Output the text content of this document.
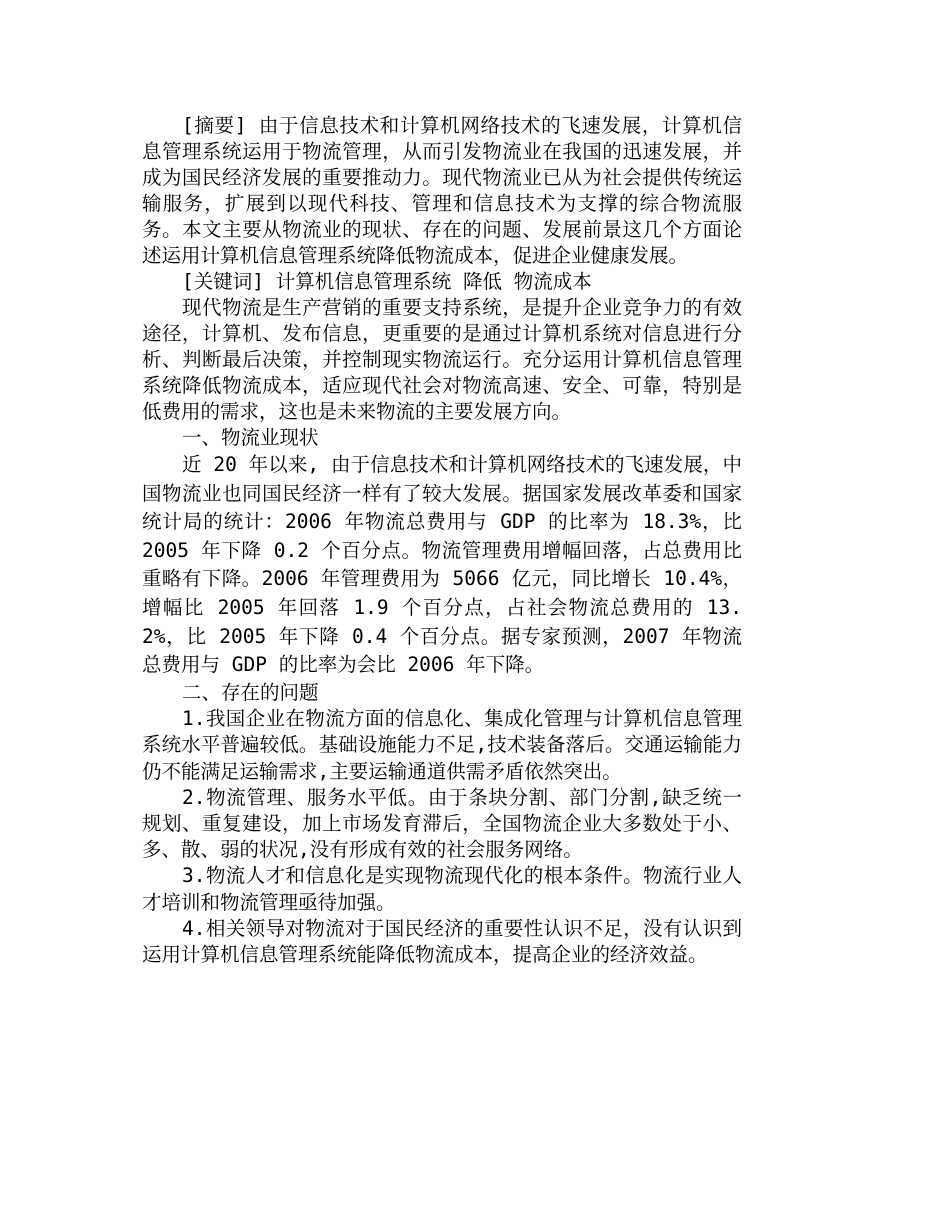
[摘要] 由于信息技术和计算机网络技术的飞速发展，计算机信息管理系统运用于物流管理，从而引发物流业在我国的迅速发展，并成为国民经济发展的重要推动力。现代物流业已从为社会提供传统运输服务，扩展到以现代科技、管理和信息技术为支撑的综合物流服务。本文主要从物流业的现状、存在的问题、发展前景这几个方面论述运用计算机信息管理系统降低物流成本，促进企业健康发展。

[关键词] 计算机信息管理系统 降低 物流成本

现代物流是生产营销的重要支持系统，是提升企业竞争力的有效途径，计算机、发布信息，更重要的是通过计算机系统对信息进行分析、判断最后决策，并控制现实物流运行。充分运用计算机信息管理系统降低物流成本，适应现代社会对物流高速、安全、可靠，特别是低费用的需求，这也是未来物流的主要发展方向。

一、物流业现状

近 20 年以来, 由于信息技术和计算机网络技术的飞速发展，中国物流业也同国民经济一样有了较大发展。据国家发展改革委和国家统计局的统计：2006 年物流总费用与 GDP 的比率为 18.3%，比 2005 年下降 0.2 个百分点。物流管理费用增幅回落，占总费用比重略有下降。2006 年管理费用为 5066 亿元，同比增长 10.4%，增幅比 2005 年回落 1.9 个百分点，占社会物流总费用的 13.2%，比 2005 年下降 0.4 个百分点。据专家预测，2007 年物流总费用与 GDP 的比率为会比 2006 年下降。

二、存在的问题

1.我国企业在物流方面的信息化、集成化管理与计算机信息管理系统水平普遍较低。基础设施能力不足,技术装备落后。交通运输能力仍不能满足运输需求,主要运输通道供需矛盾依然突出。

2.物流管理、服务水平低。由于条块分割、部门分割,缺乏统一规划、重复建设，加上市场发育滞后，全国物流企业大多数处于小、多、散、弱的状况,没有形成有效的社会服务网络。

3.物流人才和信息化是实现物流现代化的根本条件。物流行业人才培训和物流管理亟待加强。

4.相关领导对物流对于国民经济的重要性认识不足，没有认识到运用计算机信息管理系统能降低物流成本，提高企业的经济效益。
